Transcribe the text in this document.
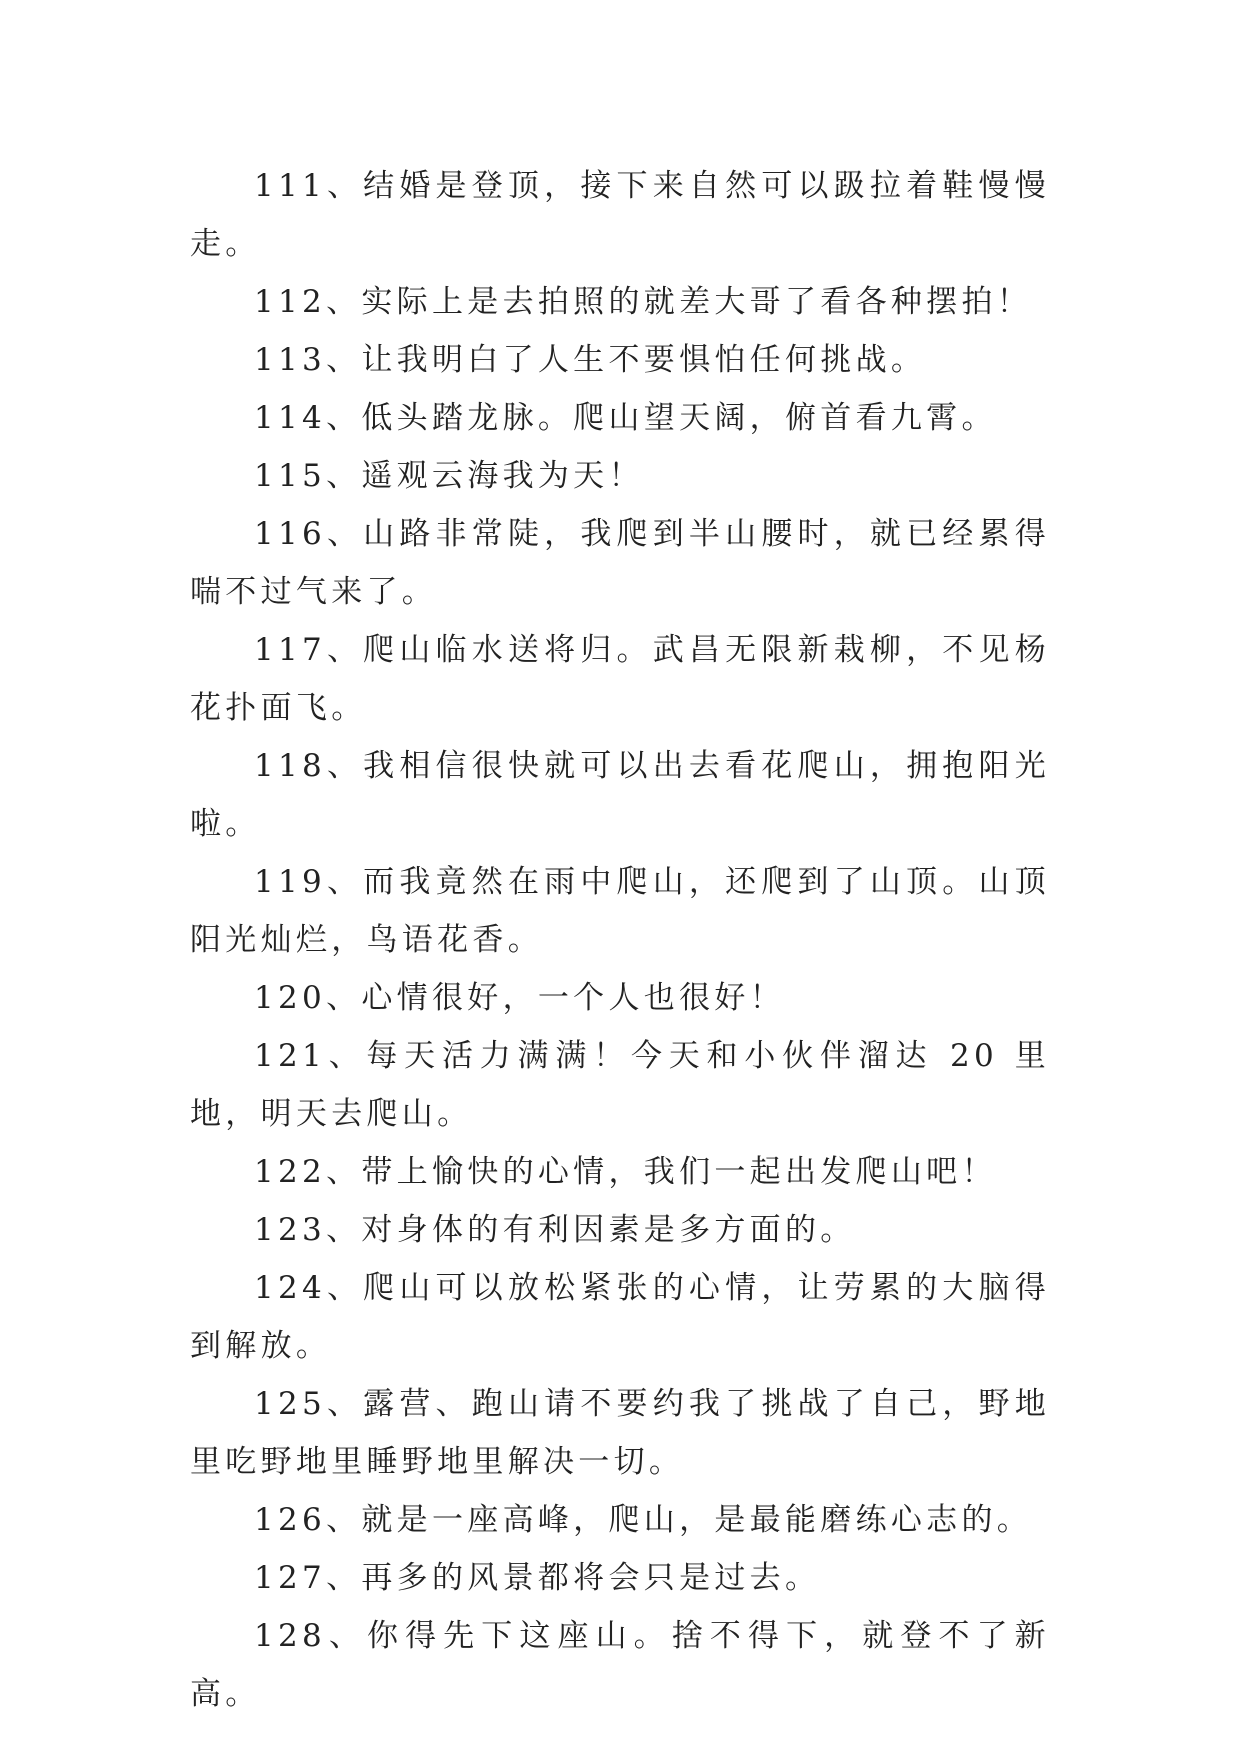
111、结婚是登顶，接下来自然可以趿拉着鞋慢慢走。

112、实际上是去拍照的就差大哥了看各种摆拍！

113、让我明白了人生不要惧怕任何挑战。

114、低头踏龙脉。爬山望天阔，俯首看九霄。

115、遥观云海我为天！

116、山路非常陡，我爬到半山腰时，就已经累得喘不过气来了。

117、爬山临水送将归。武昌无限新栽柳，不见杨花扑面飞。

118、我相信很快就可以出去看花爬山，拥抱阳光啦。

119、而我竟然在雨中爬山，还爬到了山顶。山顶阳光灿烂，鸟语花香。

120、心情很好，一个人也很好！

121、每天活力满满！今天和小伙伴溜达 20 里地，明天去爬山。

122、带上愉快的心情，我们一起出发爬山吧！

123、对身体的有利因素是多方面的。

124、爬山可以放松紧张的心情，让劳累的大脑得到解放。

125、露营、跑山请不要约我了挑战了自己，野地里吃野地里睡野地里解决一切。

126、就是一座高峰，爬山，是最能磨练心志的。

127、再多的风景都将会只是过去。

128、你得先下这座山。捨不得下，就登不了新高。
